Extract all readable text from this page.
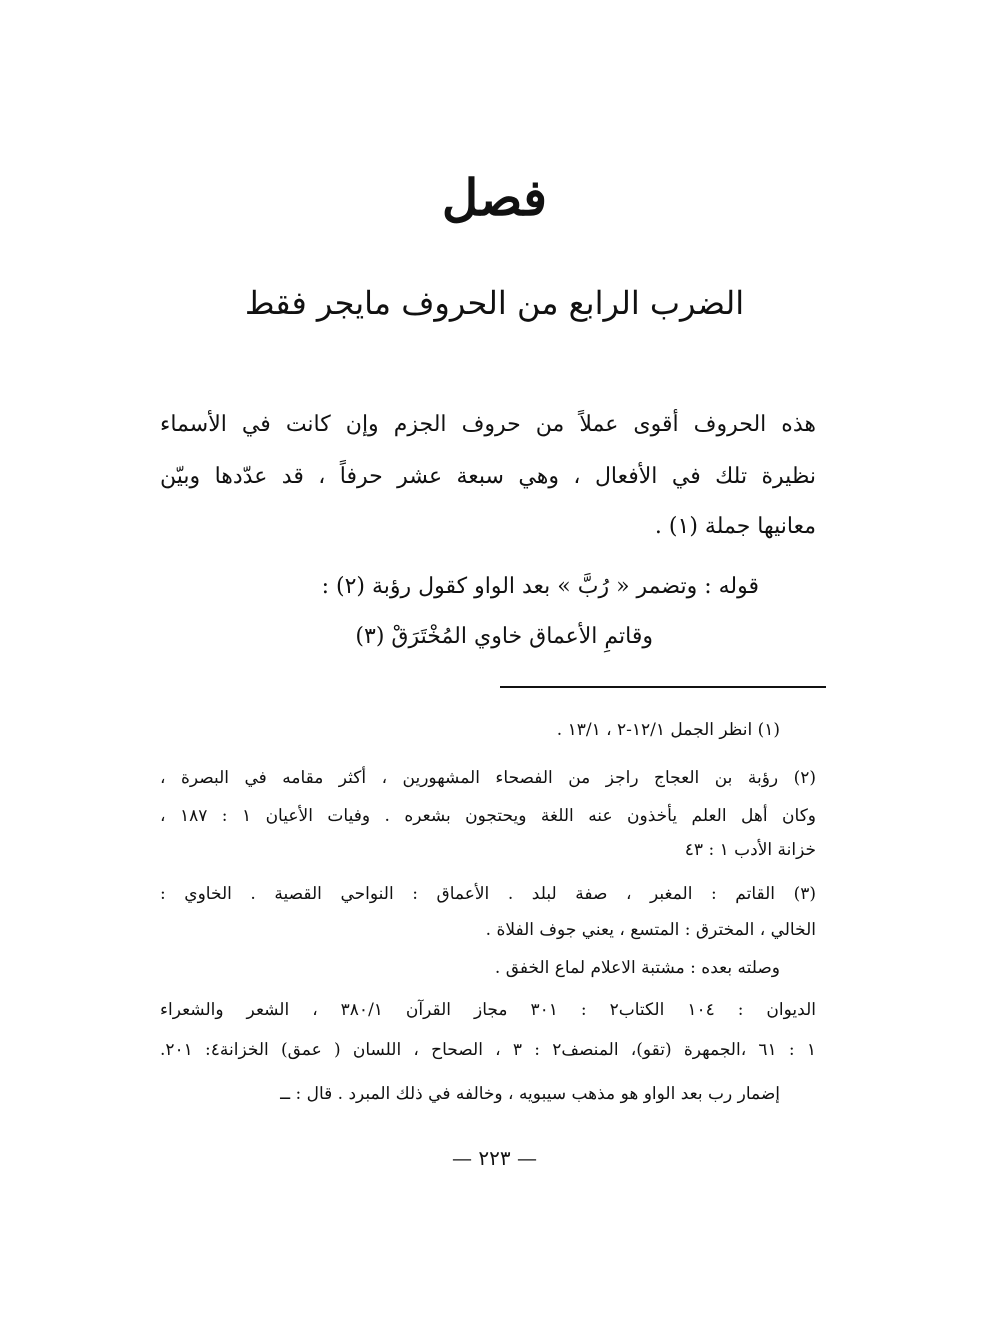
فصل
الضرب الرابع من الحروف مايجر فقط
هذه الحروف أقوى عملاً من حروف الجزم وإن كانت في الأسماء
نظيرة تلك في الأفعال ، وهي سبعة عشر حرفاً ، قد عدّدها وبيّن
معانيها جملة (١) .
قوله : وتضمر « رُبَّ » بعد الواو كقول رؤبة (٢) :
وقاتمِ الأعماق خاوي المُخْتَرَقْ (٣)
(١) انظر الجمل ١٢/١-٢ ، ١٣/١ .
(٢) رؤبة بن العجاج راجز من الفصحاء المشهورين ، أكثر مقامه في البصرة ،
وكان أهل العلم يأخذون عنه اللغة ويحتجون بشعره . وفيات الأعيان ١ : ١٨٧ ،
خزانة الأدب ١ : ٤٣
(٣) القاتم : المغبر ، صفة لبلد . الأعماق : النواحي القصية . الخاوي :
الخالي ، المخترق : المتسع ، يعني جوف الفلاة .
وصلته بعده : مشتبة الاعلام لماع الخفق .
الديوان : ١٠٤ الكتاب٢ : ٣٠١ مجاز القرآن ٣٨٠/١ ، الشعر والشعراء
١ : ٦١ ،الجمهرة (تقو)، المنصف٢ : ٣ ، الصحاح ، اللسان ( عمق) الخزانة٤: ٢٠١.
إضمار رب بعد الواو هو مذهب سيبويه ، وخالفه في ذلك المبرد . قال : ــ
— ٢٢٣ —
